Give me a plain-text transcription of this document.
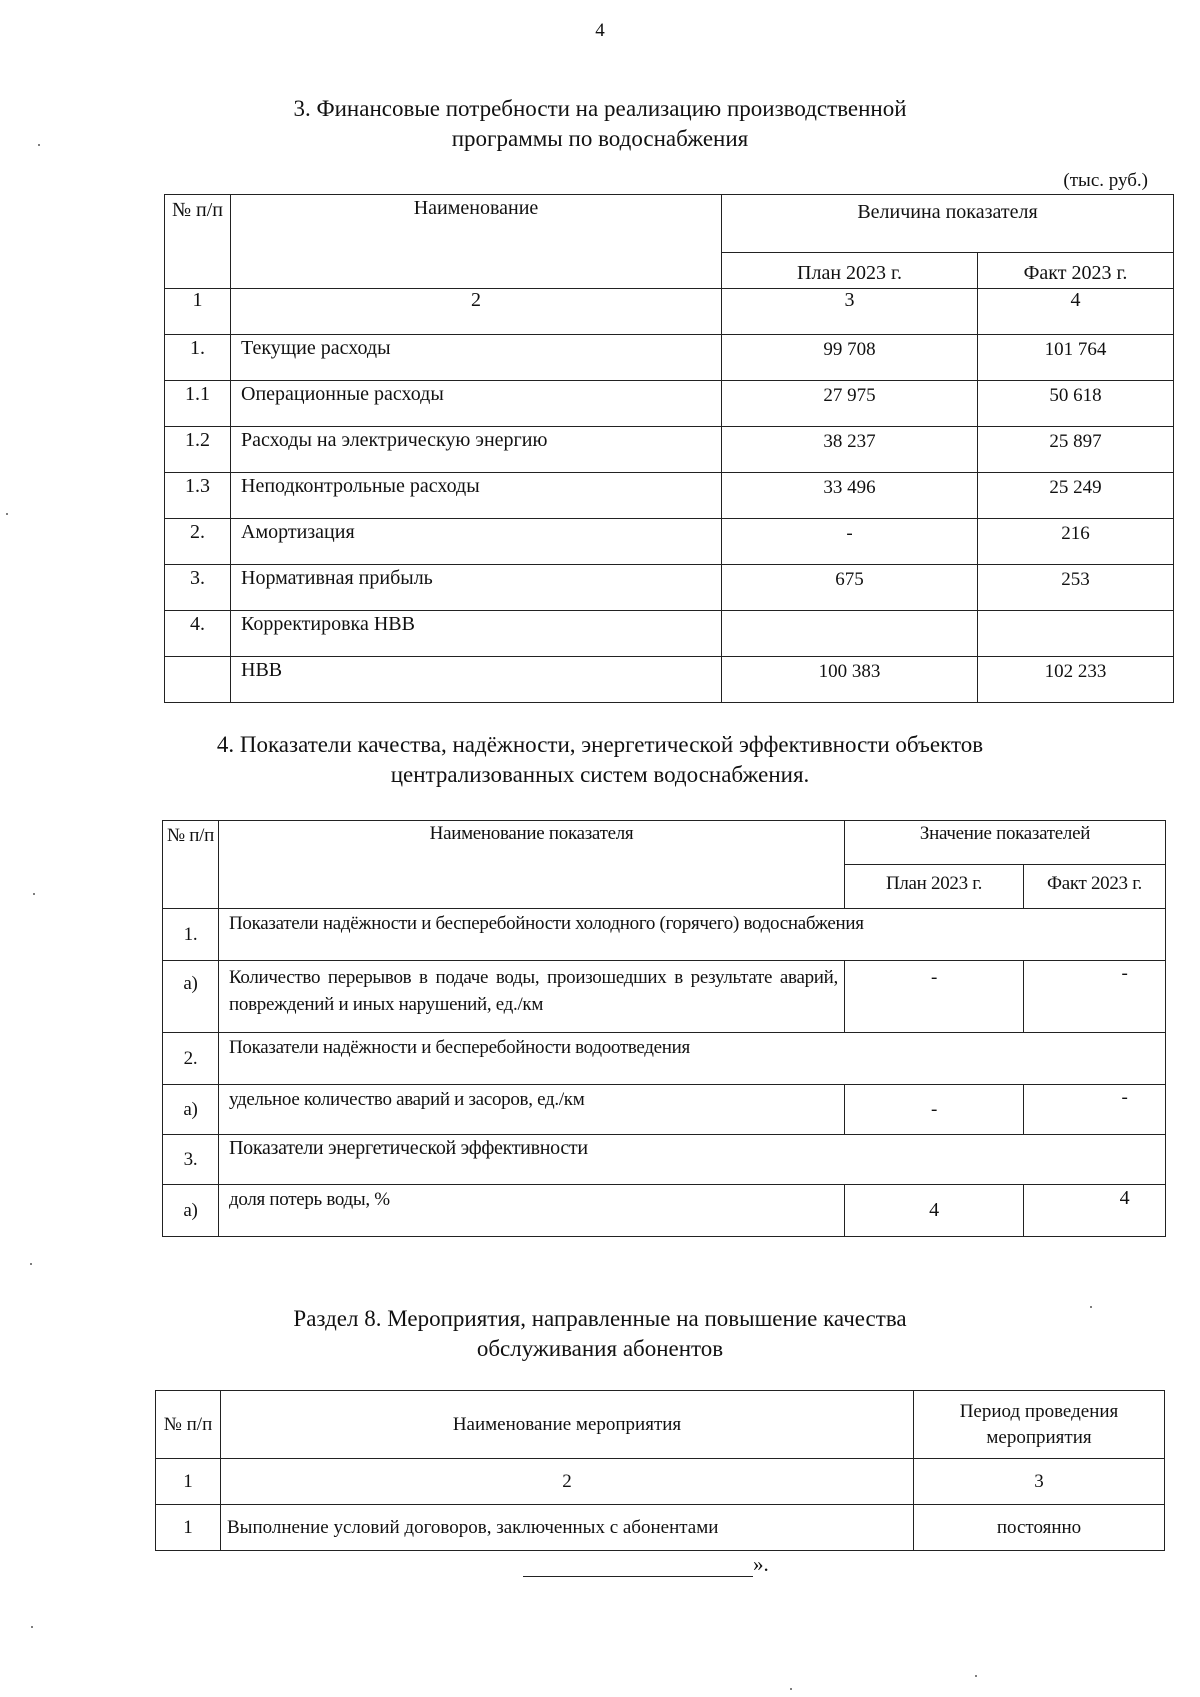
4
3. Финансовые потребности на реализацию производственной
программы по водоснабжения
(тыс. руб.)
№ п/п	Наименование	Величина показателя	
		План 2023 г.	Факт 2023 г.
1	2	3	4
1.	Текущие расходы	99 708	101 764
1.1	Операционные расходы	27 975	50 618
1.2	Расходы на электрическую энергию	38 237	25 897
1.3	Неподконтрольные расходы	33 496	25 249
2.	Амортизация	-	216
3.	Нормативная прибыль	675	253
4.	Корректировка НВВ		
	НВВ	100 383	102 233
4. Показатели качества, надёжности, энергетической эффективности объектов
централизованных систем водоснабжения.
№ п/п	Наименование показателя	Значение показателей	
		План 2023 г.	Факт 2023 г.
1.	Показатели надёжности и бесперебойности холодного (горячего) водоснабжения		
а)	Количество перерывов в подаче воды, произошедших в результате аварий, повреждений и иных нарушений, ед./км	-	-
2.	Показатели надёжности и бесперебойности водоотведения		
а)	удельное количество аварий и засоров, ед./км	-	-
3.	Показатели энергетической эффективности		
а)	доля потерь воды, %	4	4
Раздел 8. Мероприятия, направленные на повышение качества
обслуживания абонентов
№ п/п	Наименование мероприятия	Период проведения мероприятия
1	2	3
1	Выполнение условий договоров, заключенных с абонентами	постоянно
».
